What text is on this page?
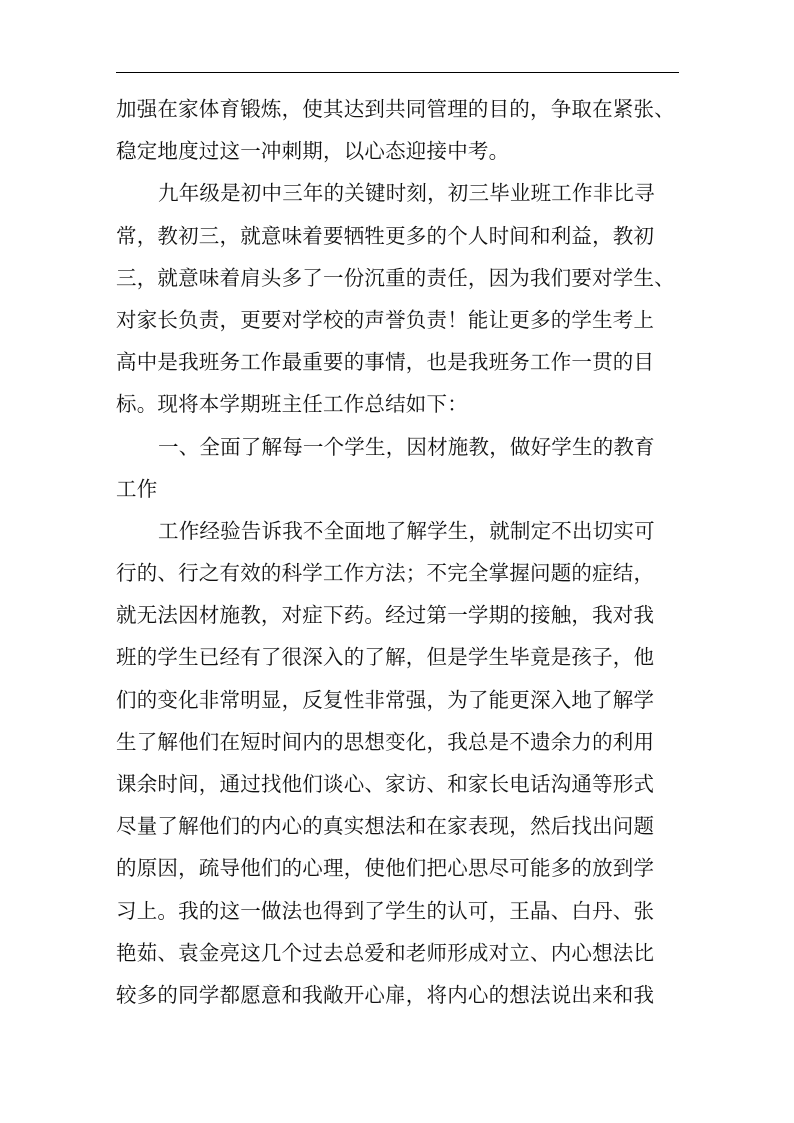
加强在家体育锻炼，使其达到共同管理的目的，争取在紧张、
稳定地度过这一冲刺期，以心态迎接中考。
九年级是初中三年的关键时刻，初三毕业班工作非比寻
常，教初三，就意味着要牺牲更多的个人时间和利益，教初
三，就意味着肩头多了一份沉重的责任，因为我们要对学生、
对家长负责，更要对学校的声誉负责！能让更多的学生考上
高中是我班务工作最重要的事情，也是我班务工作一贯的目
标。现将本学期班主任工作总结如下：
一、全面了解每一个学生，因材施教，做好学生的教育
工作
工作经验告诉我不全面地了解学生，就制定不出切实可
行的、行之有效的科学工作方法；不完全掌握问题的症结，
就无法因材施教，对症下药。经过第一学期的接触，我对我
班的学生已经有了很深入的了解，但是学生毕竟是孩子，他
们的变化非常明显，反复性非常强，为了能更深入地了解学
生了解他们在短时间内的思想变化，我总是不遗余力的利用
课余时间，通过找他们谈心、家访、和家长电话沟通等形式
尽量了解他们的内心的真实想法和在家表现，然后找出问题
的原因，疏导他们的心理，使他们把心思尽可能多的放到学
习上。我的这一做法也得到了学生的认可，王晶、白丹、张
艳茹、袁金亮这几个过去总爱和老师形成对立、内心想法比
较多的同学都愿意和我敞开心扉，将内心的想法说出来和我
